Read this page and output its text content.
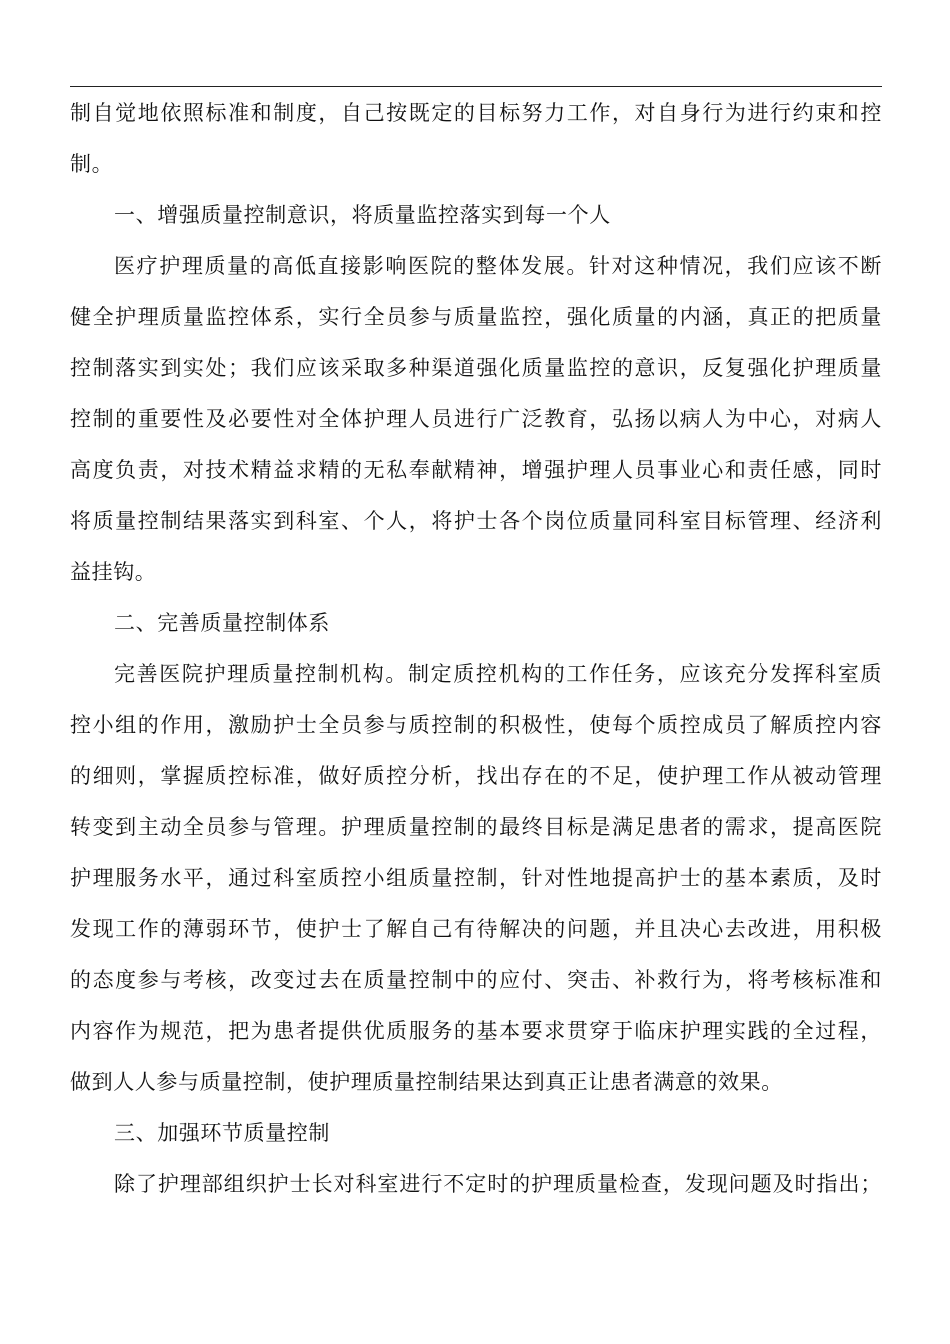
制自觉地依照标准和制度，自己按既定的目标努力工作，对自身行为进行约束和控
制。
一、增强质量控制意识，将质量监控落实到每一个人
医疗护理质量的高低直接影响医院的整体发展。针对这种情况，我们应该不断
健全护理质量监控体系，实行全员参与质量监控，强化质量的内涵，真正的把质量
控制落实到实处；我们应该采取多种渠道强化质量监控的意识，反复强化护理质量
控制的重要性及必要性对全体护理人员进行广泛教育，弘扬以病人为中心，对病人
高度负责，对技术精益求精的无私奉献精神，增强护理人员事业心和责任感，同时
将质量控制结果落实到科室、个人，将护士各个岗位质量同科室目标管理、经济利
益挂钩。
二、完善质量控制体系
完善医院护理质量控制机构。制定质控机构的工作任务，应该充分发挥科室质
控小组的作用，激励护士全员参与质控制的积极性，使每个质控成员了解质控内容
的细则，掌握质控标准，做好质控分析，找出存在的不足，使护理工作从被动管理
转变到主动全员参与管理。护理质量控制的最终目标是满足患者的需求，提高医院
护理服务水平，通过科室质控小组质量控制，针对性地提高护士的基本素质，及时
发现工作的薄弱环节，使护士了解自己有待解决的问题，并且决心去改进，用积极
的态度参与考核，改变过去在质量控制中的应付、突击、补救行为，将考核标准和
内容作为规范，把为患者提供优质服务的基本要求贯穿于临床护理实践的全过程，
做到人人参与质量控制，使护理质量控制结果达到真正让患者满意的效果。
三、加强环节质量控制
除了护理部组织护士长对科室进行不定时的护理质量检查，发现问题及时指出；
